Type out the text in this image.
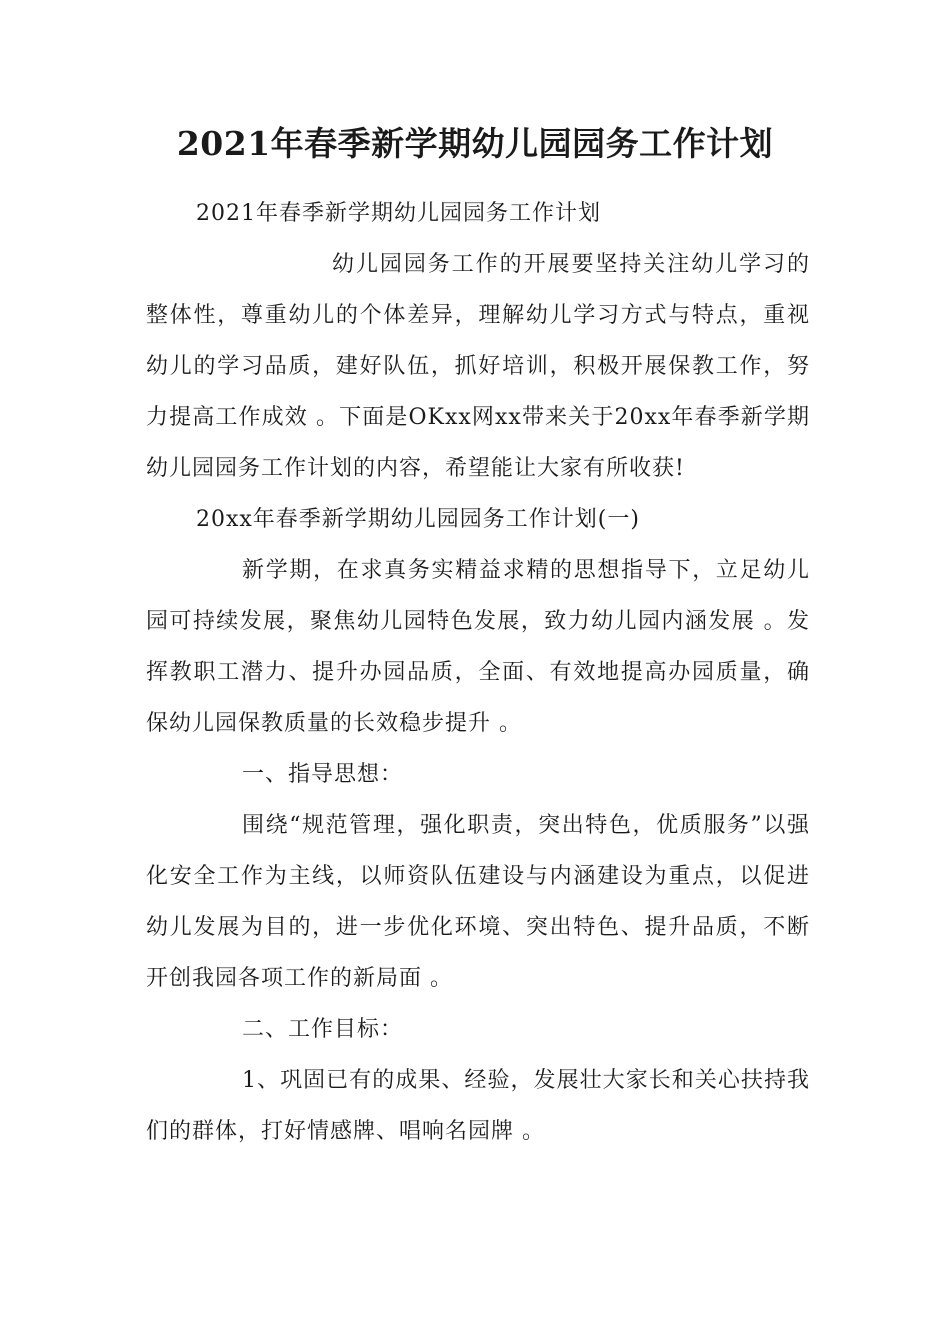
2021年春季新学期幼儿园园务工作计划

2021年春季新学期幼儿园园务工作计划

幼儿园园务工作的开展要坚持关注幼儿学习的整体性，尊重幼儿的个体差异，理解幼儿学习方式与特点，重视幼儿的学习品质，建好队伍，抓好培训，积极开展保教工作，努力提高工作成效 。下面是OKxx网xx带来关于20xx年春季新学期幼儿园园务工作计划的内容，希望能让大家有所收获!

20xx年春季新学期幼儿园园务工作计划(一)

新学期，在求真务实精益求精的思想指导下，立足幼儿园可持续发展，聚焦幼儿园特色发展，致力幼儿园内涵发展 。发挥教职工潜力、提升办园品质，全面、有效地提高办园质量，确保幼儿园保教质量的长效稳步提升 。

一、指导思想：

围绕“规范管理，强化职责，突出特色，优质服务”以强化安全工作为主线，以师资队伍建设与内涵建设为重点，以促进幼儿发展为目的，进一步优化环境、突出特色、提升品质，不断开创我园各项工作的新局面 。

二、工作目标：

1、巩固已有的成果、经验，发展壮大家长和关心扶持我们的群体，打好情感牌、唱响名园牌 。
